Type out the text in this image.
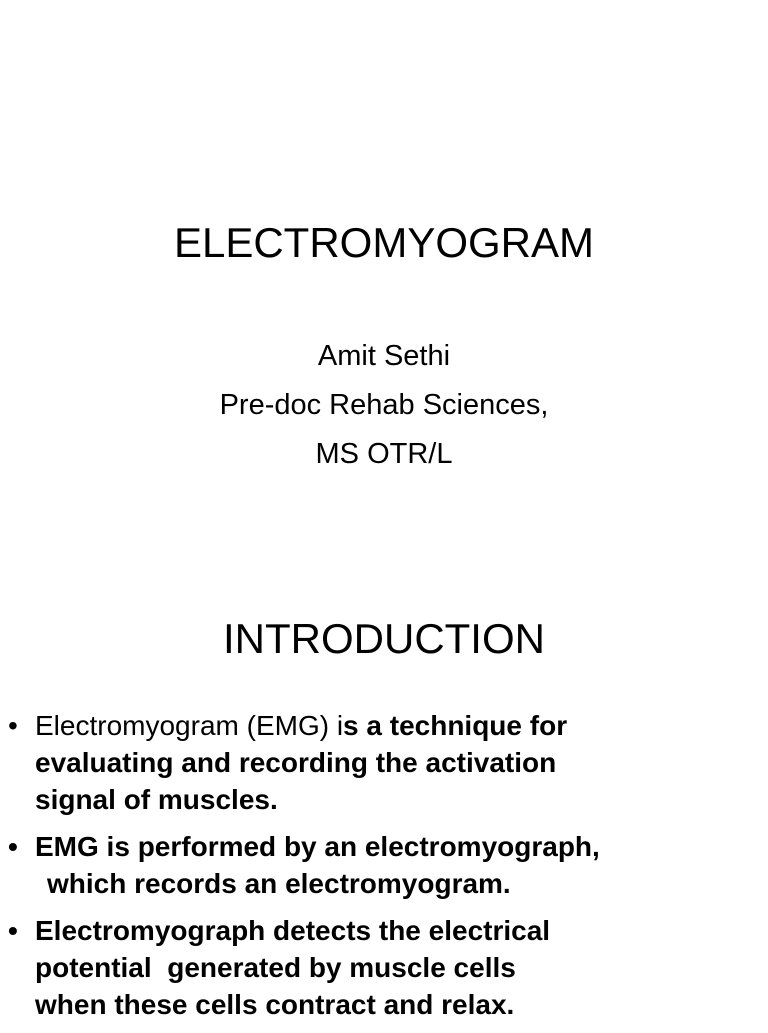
ELECTROMYOGRAM
Amit Sethi
Pre-doc Rehab Sciences,
MS OTR/L
INTRODUCTION
• Electromyogram (EMG) is a technique for
evaluating and recording the activation
signal of muscles.
• EMG is performed by an electromyograph,
which records an electromyogram.
• Electromyograph detects the electrical
potential  generated by muscle cells
when these cells contract and relax.
